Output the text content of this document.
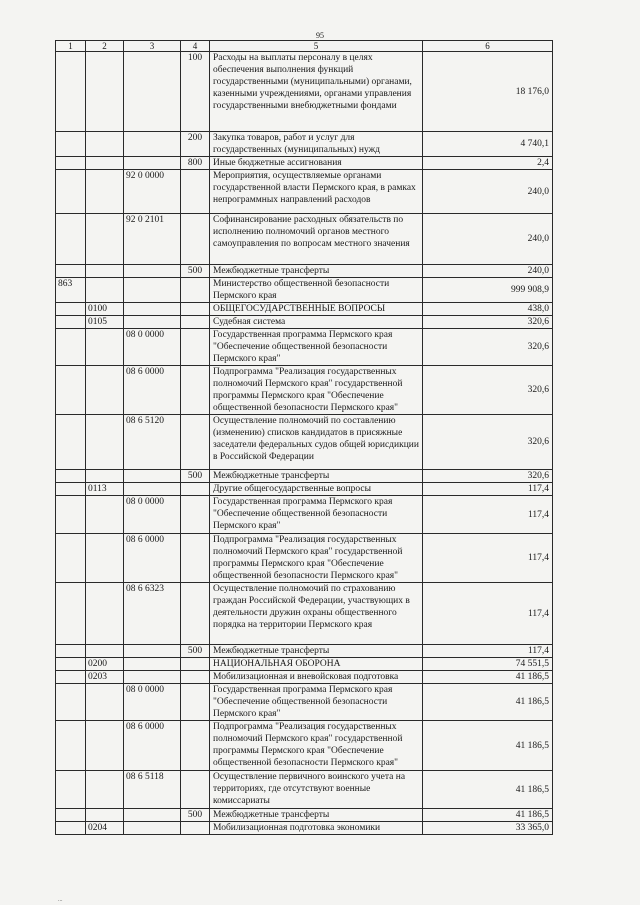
95
1	2	3	4	5	6
			100	Расходы на выплаты персоналу в целях обеспечения выполнения функций государственными (муниципальными) органами, казенными учреждениями, органами управления государственными внебюджетными фондами	18 176,0
			200	Закупка товаров, работ и услуг для государственных (муниципальных) нужд	4 740,1
			800	Иные бюджетные ассигнования	2,4
		92 0 0000		Мероприятия, осуществляемые органами государственной власти Пермского края, в рамках непрограммных направлений расходов	240,0
		92 0 2101		Софинансирование расходных обязательств по исполнению полномочий органов местного самоуправления по вопросам местного значения	240,0
			500	Межбюджетные трансферты	240,0
863				Министерство общественной безопасности Пермского края	999 908,9
	0100			ОБЩЕГОСУДАРСТВЕННЫЕ ВОПРОСЫ	438,0
	0105			Судебная система	320,6
		08 0 0000		Государственная программа Пермского края "Обеспечение общественной безопасности Пермского края"	320,6
		08 6 0000		Подпрограмма "Реализация государственных полномочий Пермского края" государственной программы Пермского края "Обеспечение общественной безопасности Пермского края"	320,6
		08 6 5120		Осуществление полномочий по составлению (изменению) списков кандидатов в присяжные заседатели федеральных судов общей юрисдикции в Российской Федерации	320,6
			500	Межбюджетные трансферты	320,6
	0113			Другие общегосударственные вопросы	117,4
		08 0 0000		Государственная программа Пермского края "Обеспечение общественной безопасности Пермского края"	117,4
		08 6 0000		Подпрограмма "Реализация государственных полномочий Пермского края" государственной программы Пермского края "Обеспечение общественной безопасности Пермского края"	117,4
		08 6 6323		Осуществление полномочий по страхованию граждан Российской Федерации, участвующих в деятельности дружин охраны общественного порядка на территории Пермского края	117,4
			500	Межбюджетные трансферты	117,4
	0200			НАЦИОНАЛЬНАЯ ОБОРОНА	74 551,5
	0203			Мобилизационная и вневойсковая подготовка	41 186,5
		08 0 0000		Государственная программа Пермского края "Обеспечение общественной безопасности Пермского края"	41 186,5
		08 6 0000		Подпрограмма "Реализация государственных полномочий Пермского края" государственной программы Пермского края "Обеспечение общественной безопасности Пермского края"	41 186,5
		08 6 5118		Осуществление первичного воинского учета на территориях, где отсутствуют военные комиссариаты	41 186,5
			500	Межбюджетные трансферты	41 186,5
	0204			Мобилизационная подготовка экономики	33 365,0
...
